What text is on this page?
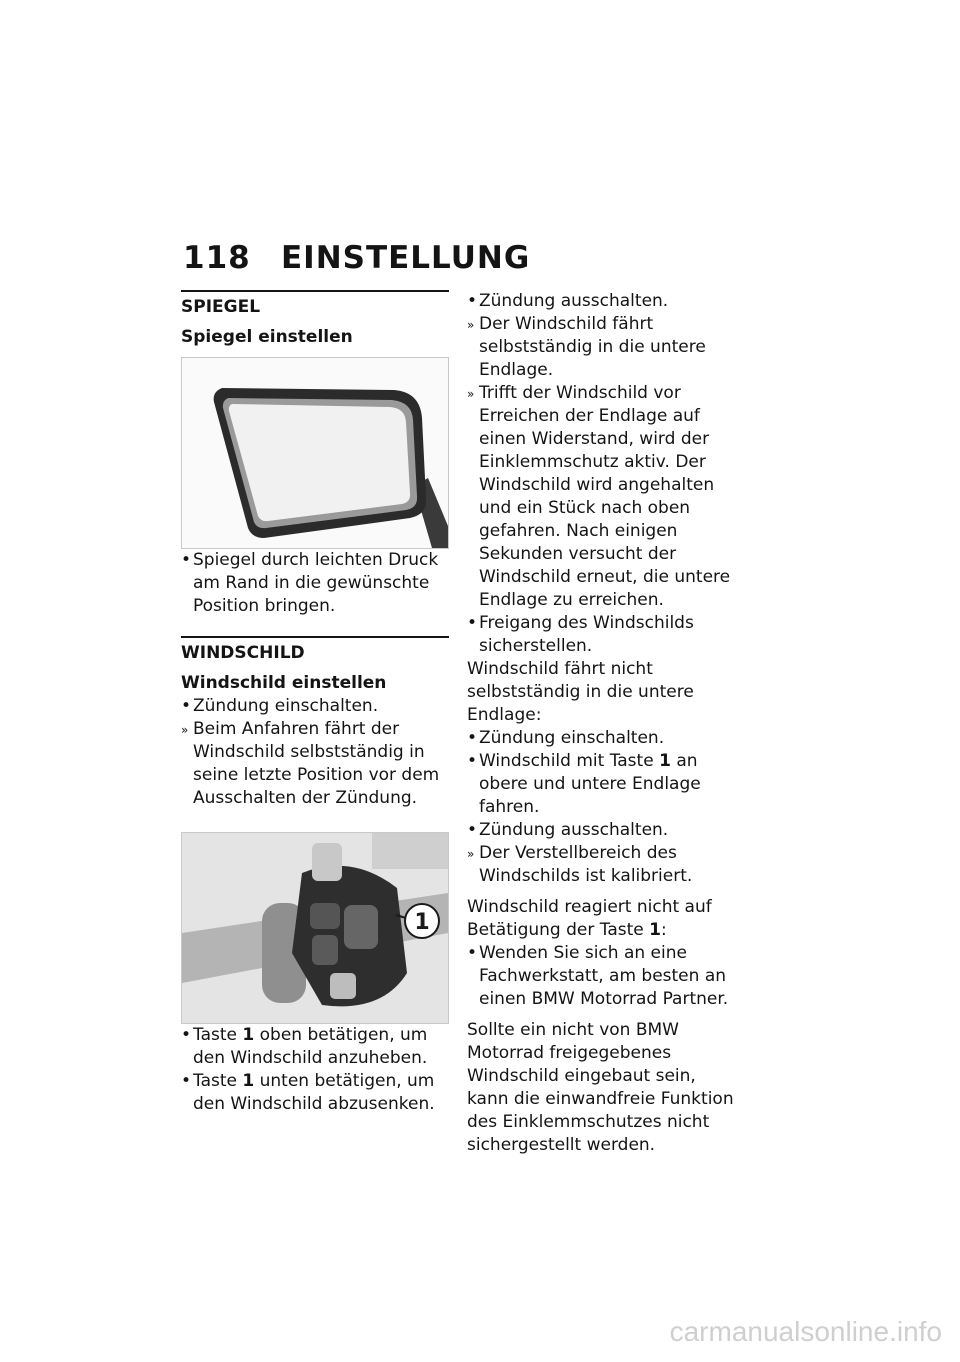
118 EINSTELLUNG
SPIEGEL
Spiegel einstellen
• Spiegel durch leichten Druck am Rand in die gewünschte Position bringen.
WINDSCHILD
Windschild einstellen
• Zündung einschalten.
» Beim Anfahren fährt der Windschild selbstständig in seine letzte Position vor dem Ausschalten der Zündung.
1
• Taste 1 oben betätigen, um den Windschild anzuheben.
• Taste 1 unten betätigen, um den Windschild abzusenken.
• Zündung ausschalten.
» Der Windschild fährt selbstständig in die untere Endlage.
» Trifft der Windschild vor Erreichen der Endlage auf einen Widerstand, wird der Einklemmschutz aktiv. Der Windschild wird angehalten und ein Stück nach oben gefahren. Nach einigen Sekunden versucht der Windschild erneut, die untere Endlage zu erreichen.
• Freigang des Windschilds sicherstellen.
Windschild fährt nicht selbstständig in die untere Endlage:
• Zündung einschalten.
• Windschild mit Taste 1 an obere und untere Endlage fahren.
• Zündung ausschalten.
» Der Verstellbereich des Windschilds ist kalibriert.
Windschild reagiert nicht auf Betätigung der Taste 1:
• Wenden Sie sich an eine Fachwerkstatt, am besten an einen BMW Motorrad Partner.
Sollte ein nicht von BMW Motorrad freigegebenes Windschild eingebaut sein, kann die einwandfreie Funktion des Einklemmschutzes nicht sichergestellt werden.
carmanualsonline.info
